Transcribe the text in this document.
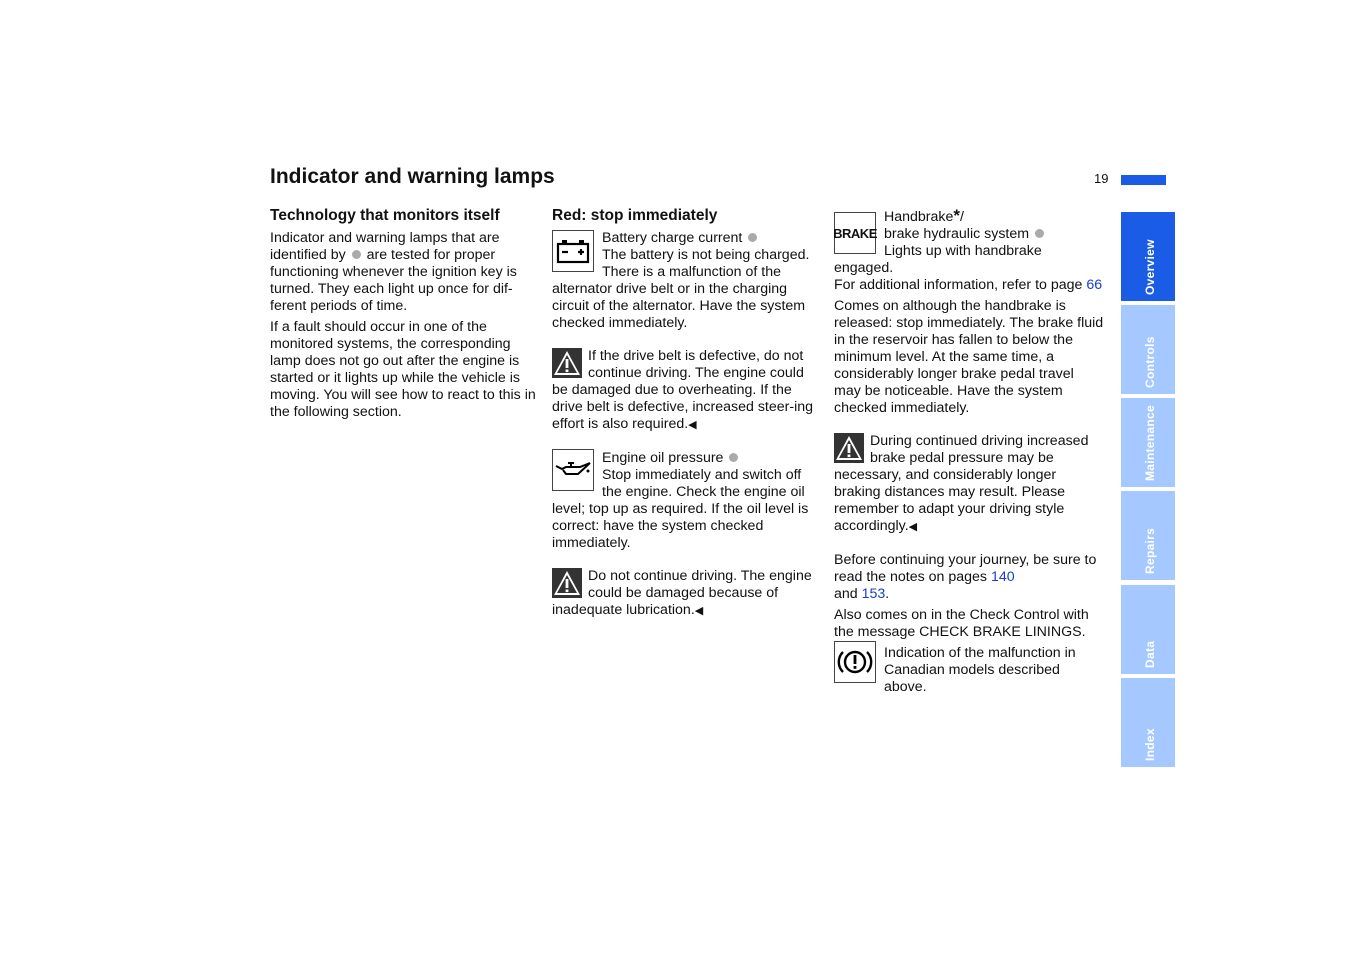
Indicator and warning lamps	19
Technology that monitors itself

Indicator and warning lamps that are identified by  are tested for proper functioning whenever the ignition key is turned. They each light up once for dif-ferent periods of time.

If a fault should occur in one of the monitored systems, the corresponding lamp does not go out after the engine is started or it lights up while the vehicle is moving. You will see how to react to this in the following section.

Red: stop immediately
Battery charge current
The battery is not being charged. There is a malfunction of the alternator drive belt or in the charging circuit of the alternator. Have the system checked immediately.
If the drive belt is defective, do not continue driving. The engine could be damaged due to overheating. If the drive belt is defective, increased steer-ing effort is also required.◀
Engine oil pressure
Stop immediately and switch off the engine. Check the engine oil level; top up as required. If the oil level is correct: have the system checked immediately.
Do not continue driving. The engine could be damaged because of inadequate lubrication.◀
BRAKE
Handbrake*/
brake hydraulic system
Lights up with handbrake engaged.

For additional information, refer to page 66

Comes on although the handbrake is released: stop immediately. The brake fluid in the reservoir has fallen to below the minimum level. At the same time, a considerably longer brake pedal travel may be noticeable. Have the system checked immediately.

During continued driving increased brake pedal pressure may be necessary, and considerably longer braking distances may result. Please remember to adapt your driving style accordingly.◀

Before continuing your journey, be sure to read the notes on pages 140
and 153.

Also comes on in the Check Control with the message CHECK BRAKE LININGS.

Indication of the malfunction in Canadian models described above.
Overview
Controls
Maintenance
Repairs
Data
Index
